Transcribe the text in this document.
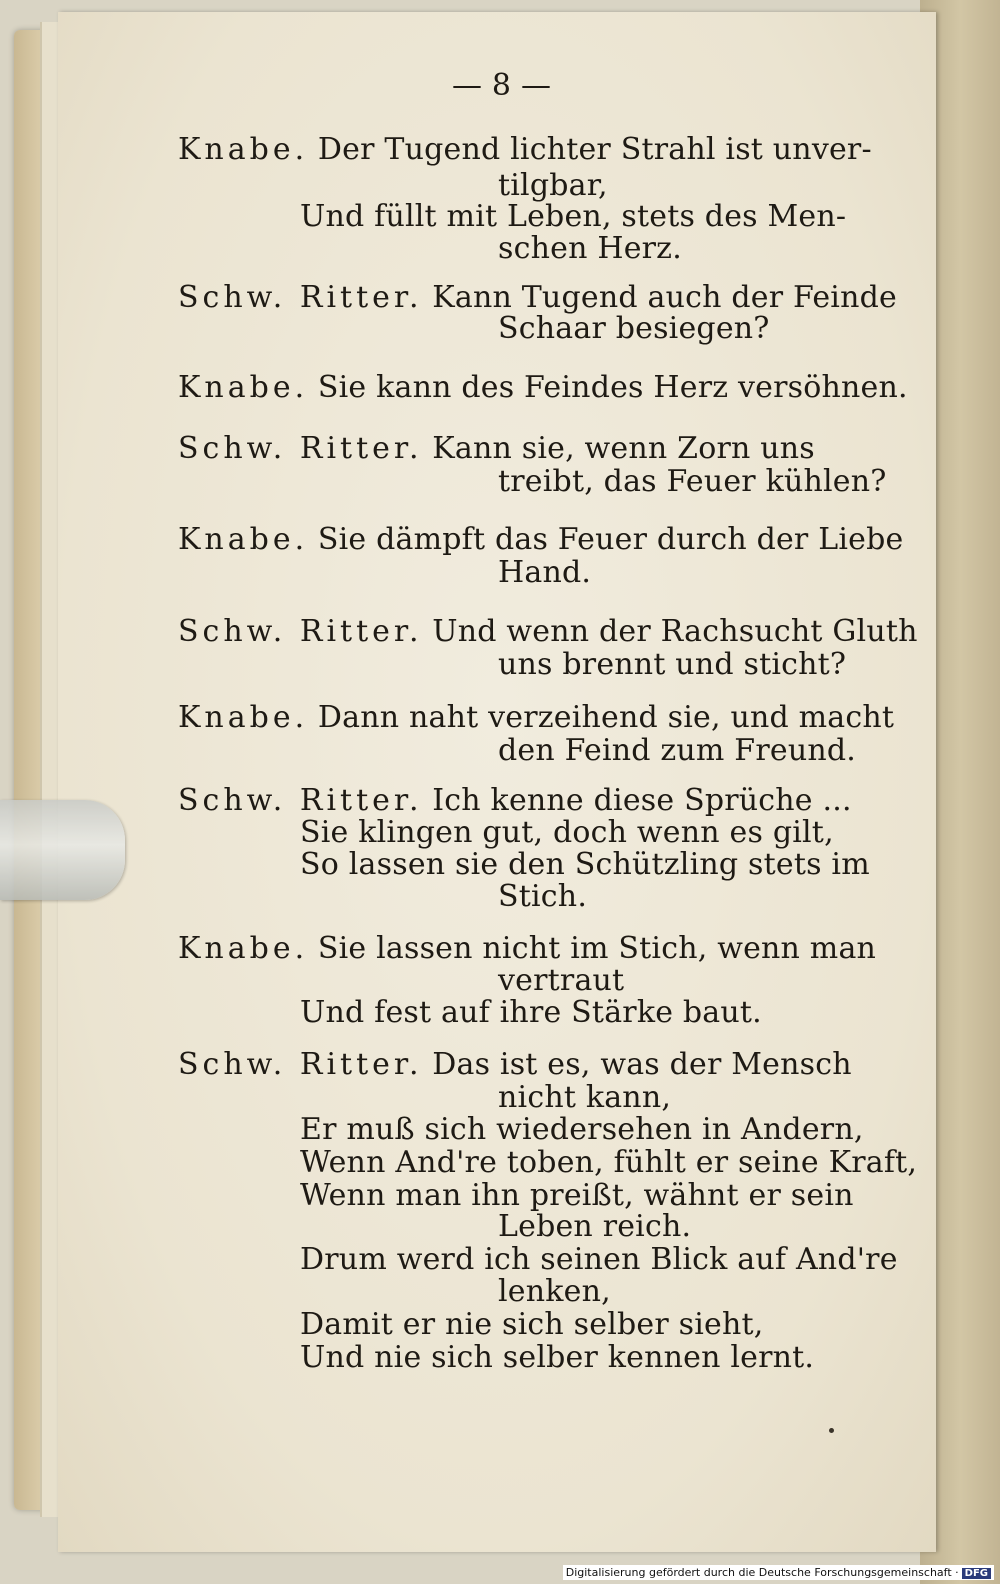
— 8 —
Knabe. Der Tugend lichter Strahl ist unver-
tilgbar,
Und füllt mit Leben, stets des Men-
schen Herz.
Schw. Ritter. Kann Tugend auch der Feinde
Schaar besiegen?
Knabe. Sie kann des Feindes Herz versöhnen.
Schw. Ritter. Kann sie, wenn Zorn uns
treibt, das Feuer kühlen?
Knabe. Sie dämpft das Feuer durch der Liebe
Hand.
Schw. Ritter. Und wenn der Rachsucht Gluth
uns brennt und sticht?
Knabe. Dann naht verzeihend sie, und macht
den Feind zum Freund.
Schw. Ritter. Ich kenne diese Sprüche ...
Sie klingen gut, doch wenn es gilt,
So lassen sie den Schützling stets im
Stich.
Knabe. Sie lassen nicht im Stich, wenn man
vertraut
Und fest auf ihre Stärke baut.
Schw. Ritter. Das ist es, was der Mensch
nicht kann,
Er muß sich wiedersehen in Andern,
Wenn And're toben, fühlt er seine Kraft,
Wenn man ihn preißt, wähnt er sein
Leben reich.
Drum werd ich seinen Blick auf And're
lenken,
Damit er nie sich selber sieht,
Und nie sich selber kennen lernt.
Digitalisierung gefördert durch die Deutsche Forschungsgemeinschaft · DFG
